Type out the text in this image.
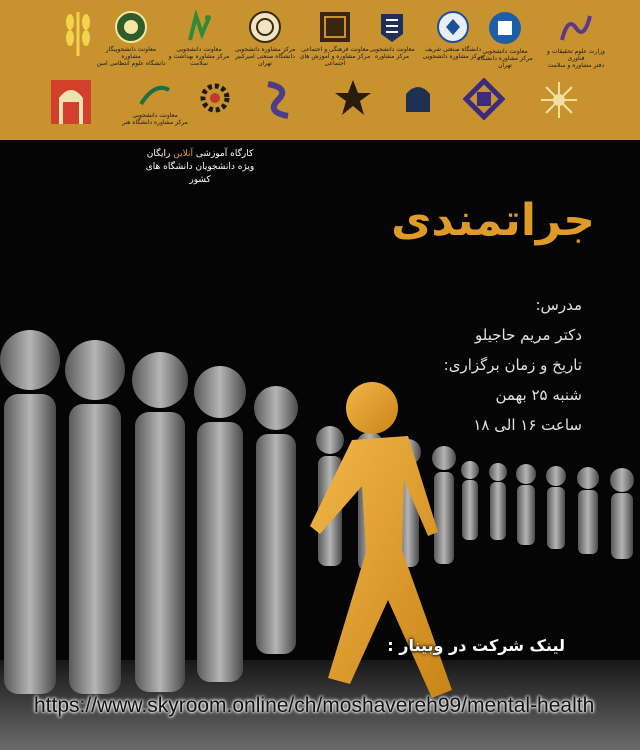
معاونت دانشجوپیگار مشاوره
دانشگاه علوم انتظامی امین
معاونت دانشجویی
مرکز مشاوره بهداشت و سلامت
مرکز مشاوره دانشجویی
دانشگاه صنعتی امیرکبیر تهران
معاونت فرهنگی و اجتماعی
مرکز مشاوره و آموزش های اجتماعی
معاونت دانشجویی
مرکز مشاوره
دانشگاه صنعتی شریف
مرکز مشاوره دانشجویی
معاونت دانشجویی
مرکز مشاوره دانشگاه تهران
وزارت علوم تحقیقات و فناوری
دفتر مشاوره و سلامت
معاونت دانشجویی
مرکز مشاوره دانشگاه هنر
کارگاه آموزشی آنلاین رایگان
ویژه دانشجویان دانشگاه های کشور
جراتمندی
مدرس:
دکتر مریم حاجیلو
تاریخ و زمان برگزاری:
شنبه ۲۵ بهمن
ساعت ۱۶ الی ۱۸
لینک شرکت در وبینار :
https://www.skyroom.online/ch/moshavereh99/mental-health
